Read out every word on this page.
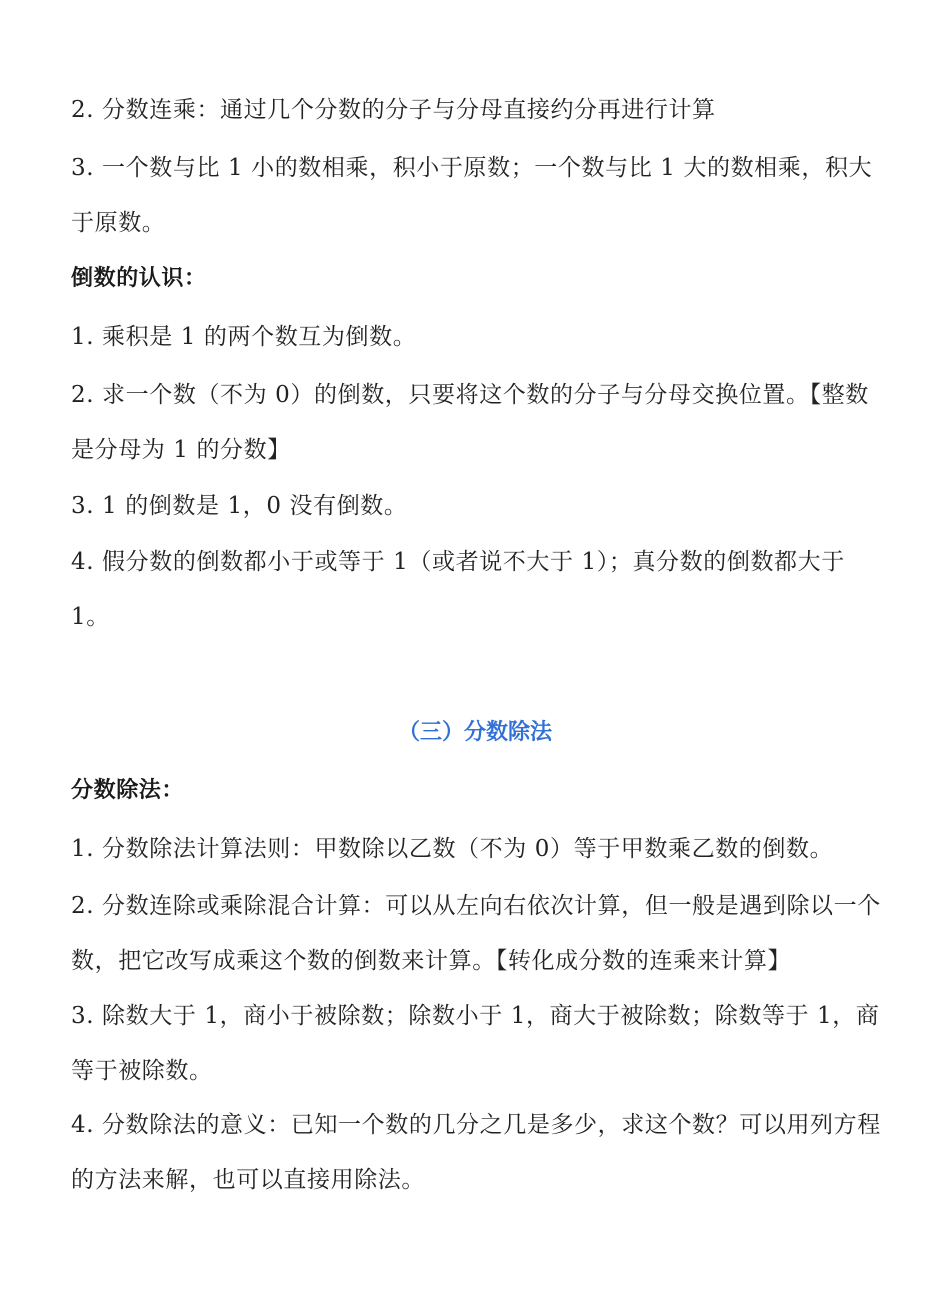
2. 分数连乘：通过几个分数的分子与分母直接约分再进行计算

3. 一个数与比 1 小的数相乘，积小于原数；一个数与比 1 大的数相乘，积大于原数。

倒数的认识：

1. 乘积是 1 的两个数互为倒数。

2. 求一个数（不为 0）的倒数，只要将这个数的分子与分母交换位置。【整数是分母为 1 的分数】

3. 1 的倒数是 1，0 没有倒数。

4. 假分数的倒数都小于或等于 1（或者说不大于 1）；真分数的倒数都大于 1。

（三）分数除法

分数除法：

1. 分数除法计算法则：甲数除以乙数（不为 0）等于甲数乘乙数的倒数。

2. 分数连除或乘除混合计算：可以从左向右依次计算，但一般是遇到除以一个数，把它改写成乘这个数的倒数来计算。【转化成分数的连乘来计算】

3. 除数大于 1，商小于被除数；除数小于 1，商大于被除数；除数等于 1，商等于被除数。

4. 分数除法的意义：已知一个数的几分之几是多少，求这个数？可以用列方程的方法来解，也可以直接用除法。
